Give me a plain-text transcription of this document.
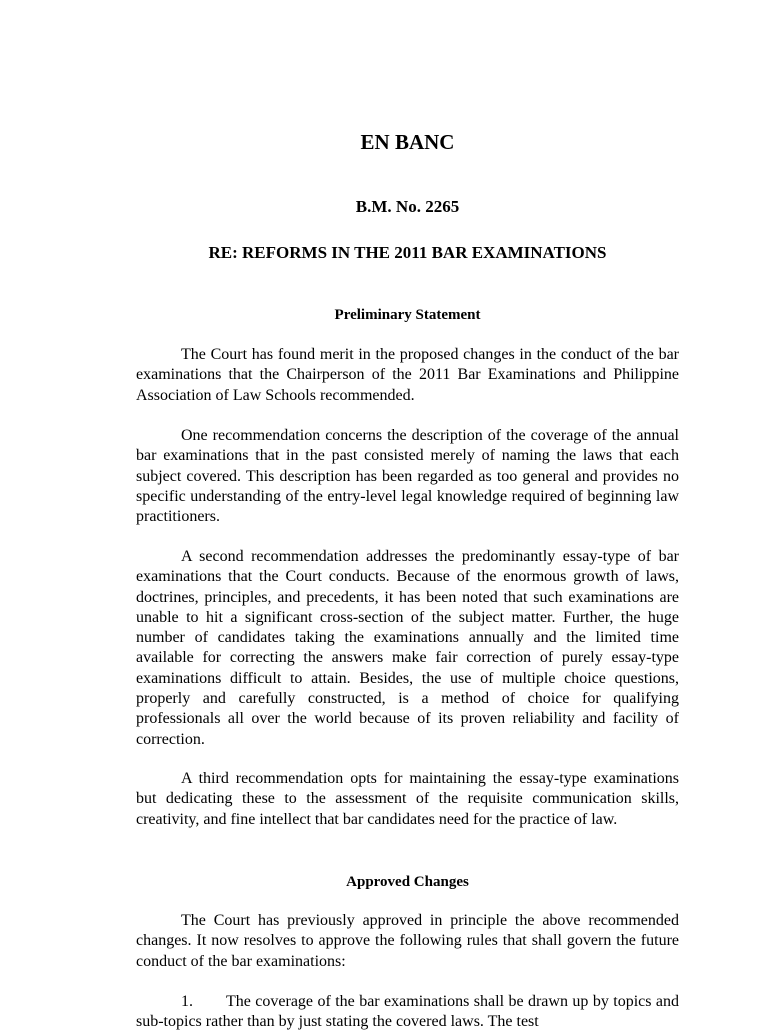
EN BANC
B.M. No. 2265
RE: REFORMS IN THE 2011 BAR EXAMINATIONS
Preliminary Statement

The Court has found merit in the proposed changes in the conduct of the bar examinations that the Chairperson of the 2011 Bar Examinations and Philippine Association of Law Schools recommended.

One recommendation concerns the description of the coverage of the annual bar examinations that in the past consisted merely of naming the laws that each subject covered. This description has been regarded as too general and provides no specific understanding of the entry-level legal knowledge required of beginning law practitioners.

A second recommendation addresses the predominantly essay-type of bar examinations that the Court conducts. Because of the enormous growth of laws, doctrines, principles, and precedents, it has been noted that such examinations are unable to hit a significant cross-section of the subject matter. Further, the huge number of candidates taking the examinations annually and the limited time available for correcting the answers make fair correction of purely essay-type examinations difficult to attain. Besides, the use of multiple choice questions, properly and carefully constructed, is a method of choice for qualifying professionals all over the world because of its proven reliability and facility of correction.

A third recommendation opts for maintaining the essay-type examinations but dedicating these to the assessment of the requisite communication skills, creativity, and fine intellect that bar candidates need for the practice of law.

Approved Changes

The Court has previously approved in principle the above recommended changes. It now resolves to approve the following rules that shall govern the future conduct of the bar examinations:

1. The coverage of the bar examinations shall be drawn up by topics and sub-topics rather than by just stating the covered laws. The test
